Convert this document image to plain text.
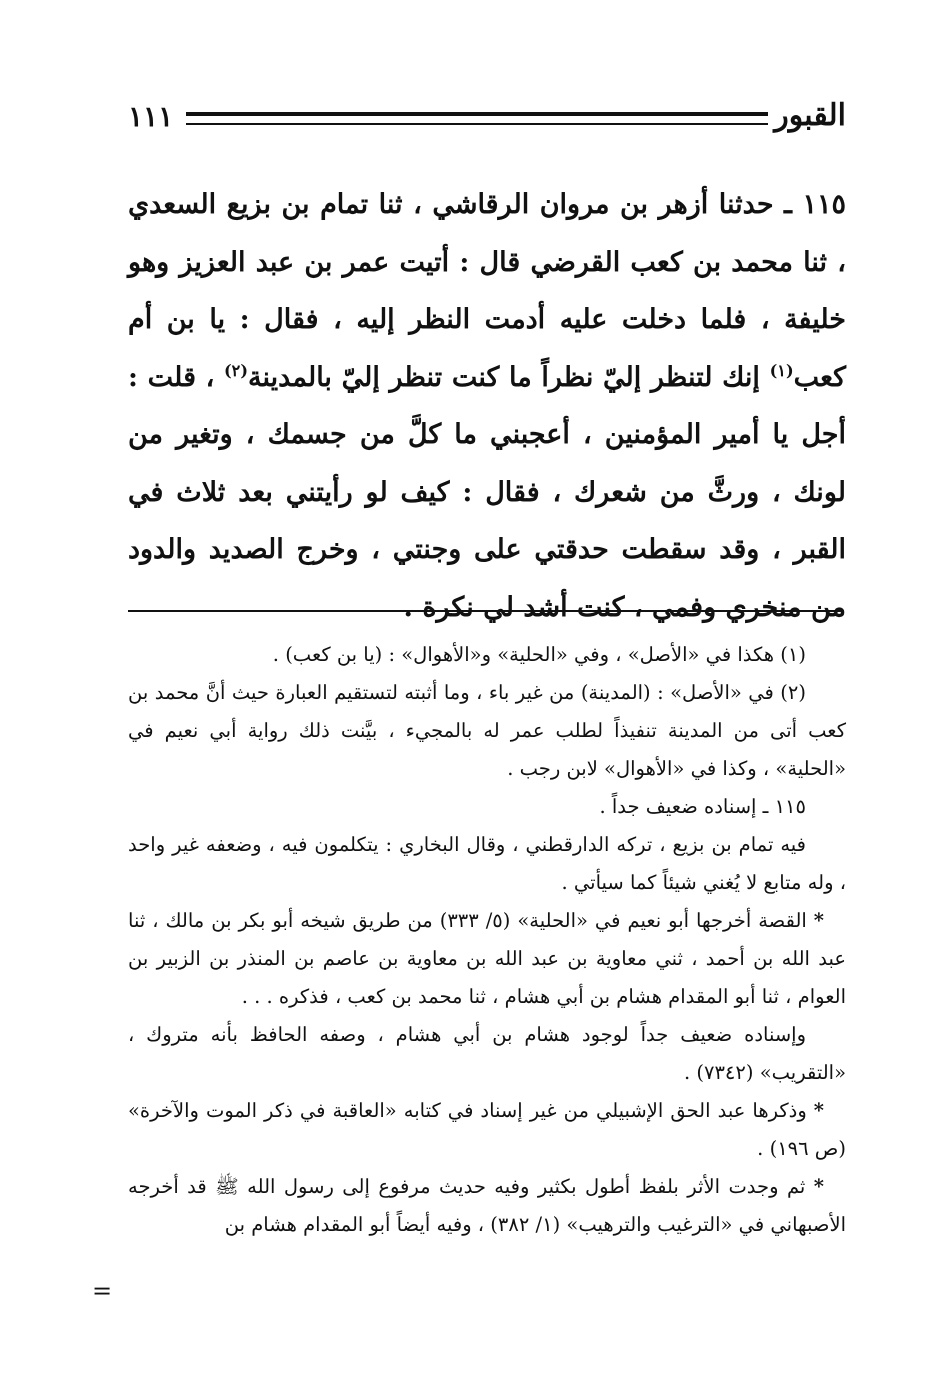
القبور
١١١

١١٥ ـ حدثنا أزهر بن مروان الرقاشي ، ثنا تمام بن بزيع السعدي ، ثنا محمد بن كعب القرضي قال : أتيت عمر بن عبد العزيز وهو خليفة ، فلما دخلت عليه أدمت النظر إليه ، فقال : يا بن أم كعب$^{(١)}$ إنك لتنظر إليّ نظراً ما كنت تنظر إليّ بالمدينة$^{(٢)}$ ، قلت : أجل يا أمير المؤمنين ، أعجبني ما كلَّ من جسمك ، وتغير من لونك ، ورثَّ من شعرك ، فقال : كيف لو رأيتني بعد ثلاث في القبر ، وقد سقطت حدقتي على وجنتي ، وخرج الصديد والدود من منخري وفمي ، كنت أشد لي نكرة .

(١) هكذا في «الأصل» ، وفي «الحلية» و«الأهوال» : (يا بن كعب) .

(٢) في «الأصل» : (المدينة) من غير باء ، وما أثبته لتستقيم العبارة حيث أنَّ محمد بن كعب أتى من المدينة تنفيذاً لطلب عمر له بالمجيء ، بيَّنت ذلك رواية أبي نعيم في «الحلية» ، وكذا في «الأهوال» لابن رجب .

١١٥ ـ إسناده ضعيف جداً .

فيه تمام بن بزيع ، تركه الدارقطني ، وقال البخاري : يتكلمون فيه ، وضعفه غير واحد ، وله متابع لا يُغني شيئاً كما سيأتي .

* القصة أخرجها أبو نعيم في «الحلية» (٥/ ٣٣٣) من طريق شيخه أبو بكر بن مالك ، ثنا عبد الله بن أحمد ، ثني معاوية بن عبد الله بن معاوية بن عاصم بن المنذر بن الزبير بن العوام ، ثنا أبو المقدام هشام بن أبي هشام ، ثنا محمد بن كعب ، فذكره . . .

وإسناده ضعيف جداً لوجود هشام بن أبي هشام ، وصفه الحافظ بأنه متروك ، «التقريب» (٧٣٤٢) .

* وذكرها عبد الحق الإشبيلي من غير إسناد في كتابه «العاقبة في ذكر الموت والآخرة» (ص ١٩٦) .

* ثم وجدت الأثر بلفظ أطول بكثير وفيه حديث مرفوع إلى رسول الله ﷺ قد أخرجه الأصبهاني في «الترغيب والترهيب» (١/ ٣٨٢) ، وفيه أيضاً أبو المقدام هشام بن

=
